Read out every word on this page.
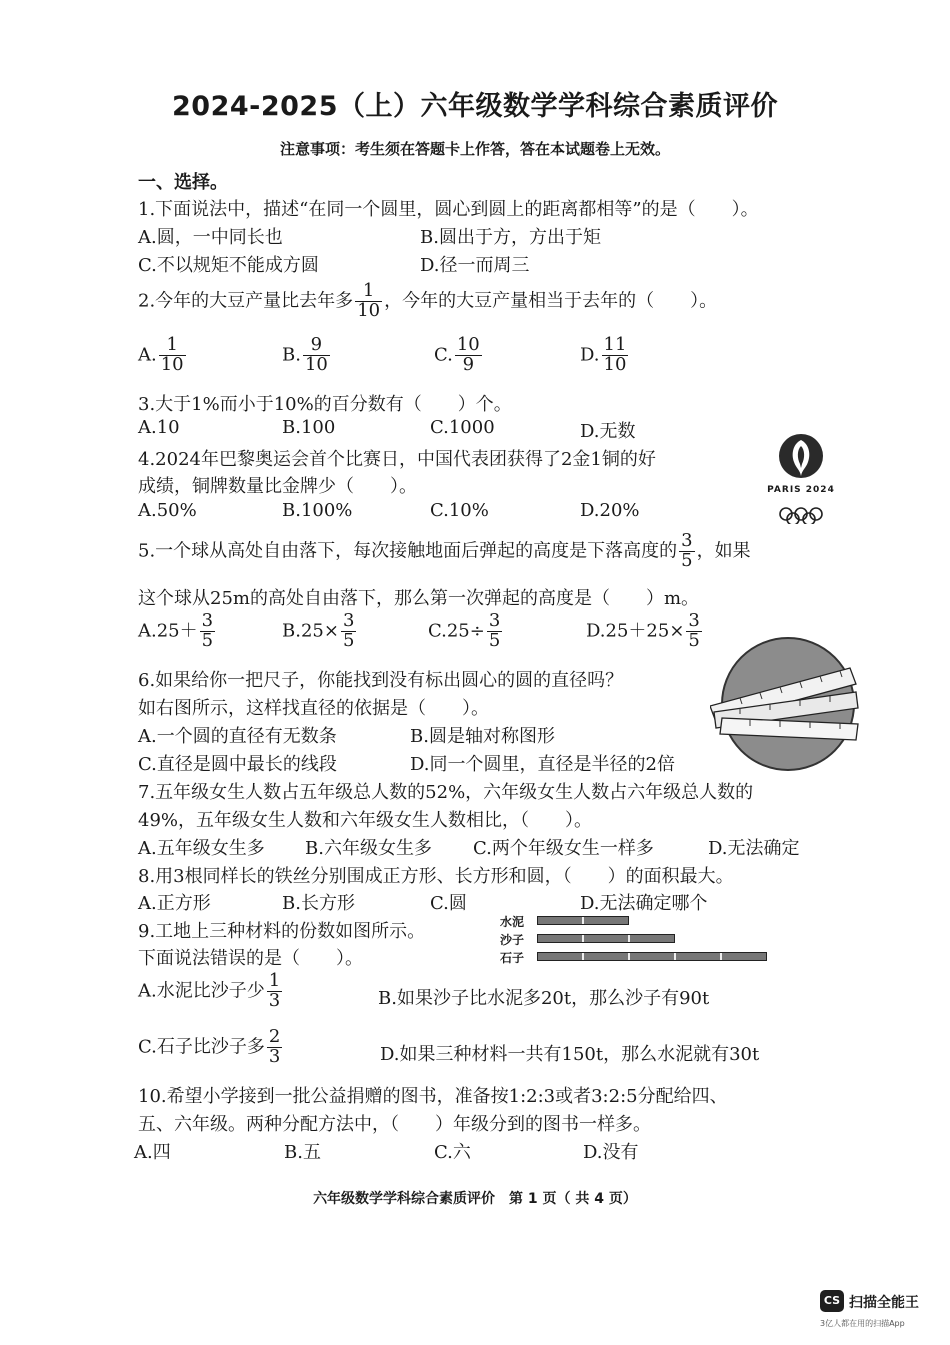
2024-2025（上）六年级数学学科综合素质评价
注意事项：考生须在答题卡上作答，答在本试题卷上无效。
一、选择。
1.下面说法中，描述“在同一个圆里，圆心到圆上的距离都相等”的是（　　）。
A.圆，一中同长也	B.圆出于方，方出于矩
C.不以规矩不能成方圆	D.径一而周三
2.今年的大豆产量比去年多 $\frac{1}{10}$ ，今年的大豆产量相当于去年的（　　）。
A. $\frac{1}{10}$	B. $\frac{9}{10}$	C. $\frac{10}{9}$	D. $\frac{11}{10}$
3.大于1%而小于10%的百分数有（　　）个。
A.10	B.100	C.1000	D.无数
4.2024年巴黎奥运会首个比赛日，中国代表团获得了2金1铜的好
成绩，铜牌数量比金牌少（　　）。
A.50%	B.100%	C.10%	D.20%
PARIS 2024
5.一个球从高处自由落下，每次接触地面后弹起的高度是下落高度的 $\frac{3}{5}$ ，如果
这个球从25m的高处自由落下，那么第一次弹起的高度是（　　）m。
$A.25+ \frac{3}{5}$	$B.25\times \frac{3}{5}$	$C.25\div \frac{3}{5}$	$D.25+25\times \frac{3}{5}$
6.如果给你一把尺子，你能找到没有标出圆心的圆的直径吗？
如右图所示，这样找直径的依据是（　　）。
A.一个圆的直径有无数条	B.圆是轴对称图形
C.直径是圆中最长的线段	D.同一个圆里，直径是半径的2倍
7.五年级女生人数占五年级总人数的52%，六年级女生人数占六年级总人数的
49%，五年级女生人数和六年级女生人数相比，（　　）。
A.五年级女生多 B.六年级女生多 C.两个年级女生一样多	D.无法确定
8.用3根同样长的铁丝分别围成正方形、长方形和圆，（　　）的面积最大。
A.正方形	B.长方形	C.圆	D.无法确定哪个
9.工地上三种材料的份数如图所示。
下面说法错误的是（　　）。
水泥
沙子
石子
A.水泥比沙子少 $\frac{1}{3}$	B.如果沙子比水泥多20t，那么沙子有90t
C.石子比沙子多 $\frac{2}{3}$	D.如果三种材料一共有150t，那么水泥就有30t
10.希望小学接到一批公益捐赠的图书，准备按1:2:3或者3:2:5分配给四、
五、六年级。两种分配方法中，（　　）年级分到的图书一样多。
A.四	B.五	C.六	D.没有
六年级数学学科综合素质评价　第 1 页（ 共 4 页）
CS 扫描全能王
3亿人都在用的扫描App
